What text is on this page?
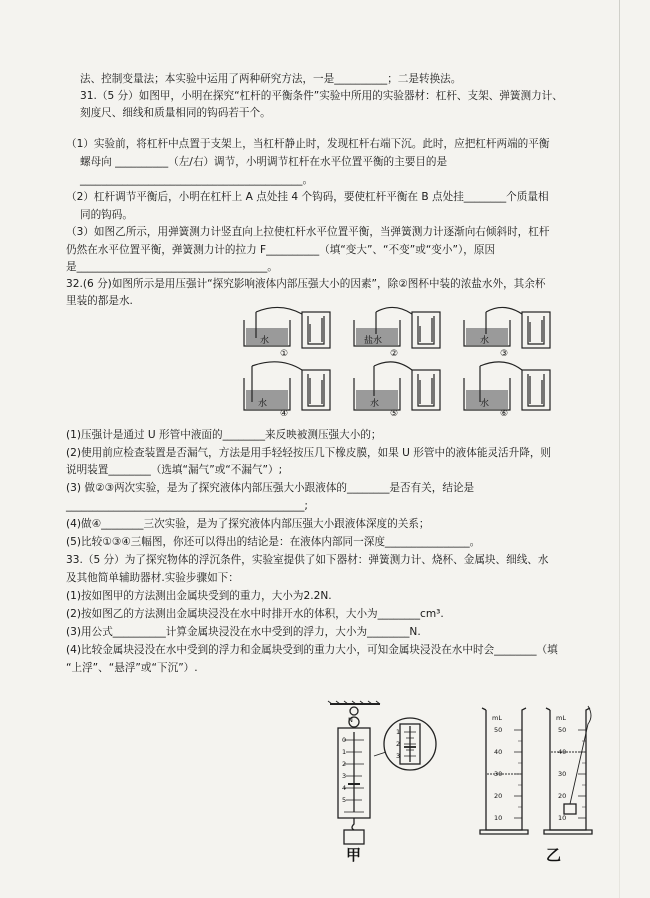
法、控制变量法；本实验中运用了两种研究方法，一是__________；二是转换法。
31.（5 分）如图甲，小明在探究“杠杆的平衡条件”实验中所用的实验器材：杠杆、支架、弹簧测力计、
刻度尺、细线和质量相同的钩码若干个。
（1）实验前，将杠杆中点置于支架上，当杠杆静止时，发现杠杆右端下沉。此时，应把杠杆两端的平衡
螺母向 __________（左/右）调节，小明调节杠杆在水平位置平衡的主要目的是
__________________________________________。
（2）杠杆调节平衡后，小明在杠杆上 A 点处挂 4 个钩码，要使杠杆平衡在 B 点处挂________个质量相
同的钩码。
（3）如图乙所示，用弹簧测力计竖直向上拉使杠杆水平位置平衡，当弹簧测力计逐渐向右倾斜时，杠杆
仍然在水平位置平衡，弹簧测力计的拉力 F__________（填“变大”、“不变”或“变小”），原因
是____________________________________。
32.(6 分)如图所示是用压强计“探究影响液体内部压强大小的因素”，除②图杯中装的浓盐水外，其余杯
里装的都是水.
水	盐水	水
水	水	水
①	②	③
④	⑤	⑥
(1)压强计是通过 U 形管中液面的________来反映被测压强大小的；
(2)使用前应检查装置是否漏气，方法是用手轻轻按压几下橡皮膜，如果 U 形管中的液体能灵活升降，则
说明装置________（选填“漏气”或“不漏气”）;
(3) 做②③两次实验，是为了探究液体内部压强大小跟液体的________是否有关，结论是
_____________________________________________;
(4)做④________三次实验，是为了探究液体内部压强大小跟液体深度的关系；
(5)比较①③④三幅图，你还可以得出的结论是：在液体内部同一深度________________。
33.（5 分）为了探究物体的浮沉条件，实验室提供了如下器材：弹簧测力计、烧杯、金属块、细线、水
及其他简单辅助器材.实验步骤如下：
(1)按如图甲的方法测出金属块受到的重力，大小为2.2N.
(2)按如图乙的方法测出金属块浸没在水中时排开水的体积，大小为________cm³.
(3)用公式__________计算金属块浸没在水中受到的浮力，大小为________N.
(4)比较金属块浸没在水中受到的浮力和金属块受到的重力大小，可知金属块浸没在水中时会________（填
“上浮”、“悬浮”或“下沉”）.
N
0
1
2
3
4
5
1
2
3
mL
50
40
30
20
10
mL
50
40
30
20
10
甲	乙
